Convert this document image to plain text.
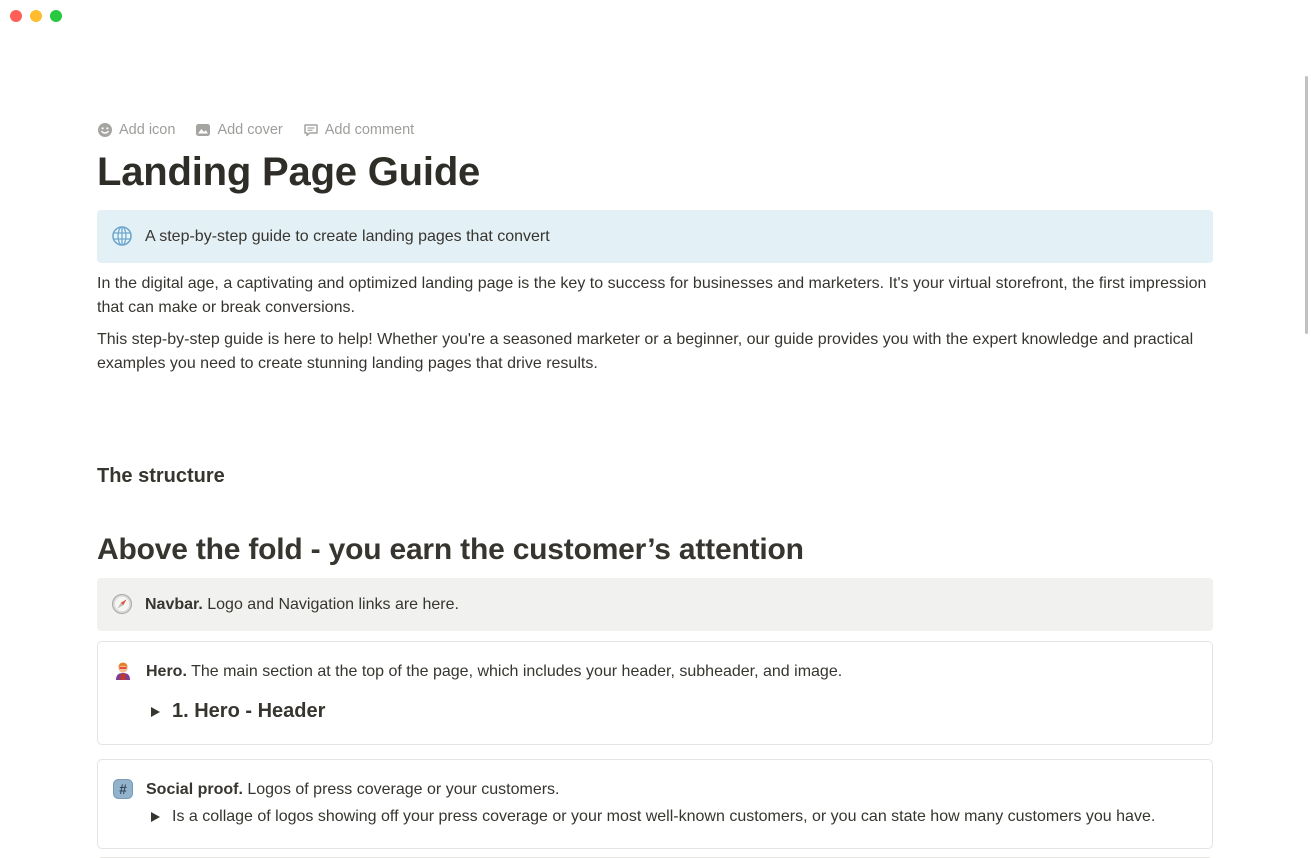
Add icon	Add cover	Add comment
Landing Page Guide
A step-by-step guide to create landing pages that convert

In the digital age, a captivating and optimized landing page is the key to success for businesses and marketers. It's your virtual storefront, the first impression that can make or break conversions.

This step-by-step guide is here to help! Whether you're a seasoned marketer or a beginner, our guide provides you with the expert knowledge and practical examples you need to create stunning landing pages that drive results.

The structure
Above the fold - you earn the customer’s attention
Navbar. Logo and Navigation links are here.
Hero. The main section at the top of the page, which includes your header, subheader, and image.
1. Hero - Header
# Social proof. Logos of press coverage or your customers.
Is a collage of logos showing off your press coverage or your most well-known customers, or you can state how many customers you have.
